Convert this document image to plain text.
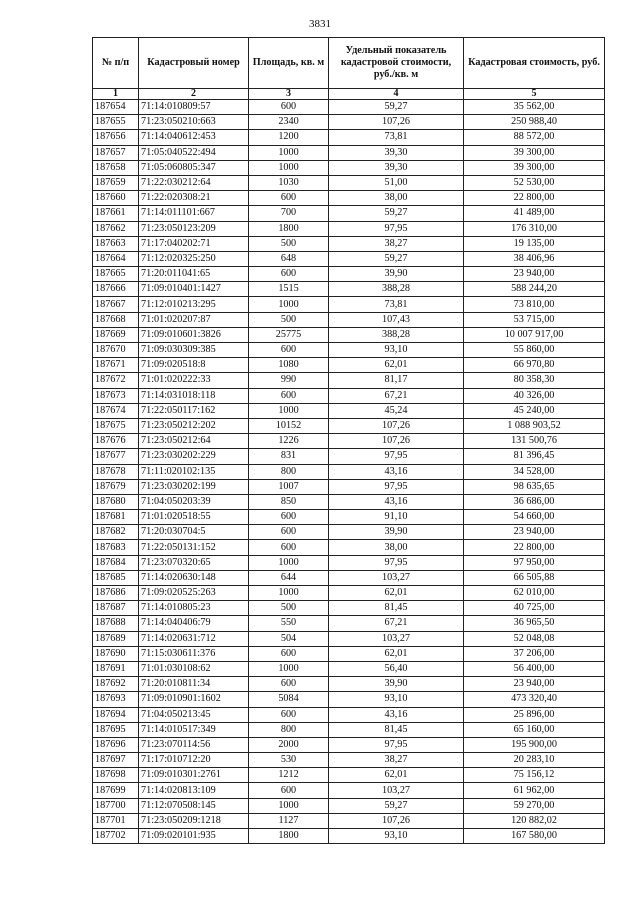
3831
№ п/п	Кадастровый номер	Площадь, кв. м	Удельный показатель кадастровой стоимости, руб./кв. м	Кадастровая стоимость, руб.
1	2	3	4	5
187654	71:14:010809:57	600	59,27	35 562,00
187655	71:23:050210:663	2340	107,26	250 988,40
187656	71:14:040612:453	1200	73,81	88 572,00
187657	71:05:040522:494	1000	39,30	39 300,00
187658	71:05:060805:347	1000	39,30	39 300,00
187659	71:22:030212:64	1030	51,00	52 530,00
187660	71:22:020308:21	600	38,00	22 800,00
187661	71:14:011101:667	700	59,27	41 489,00
187662	71:23:050123:209	1800	97,95	176 310,00
187663	71:17:040202:71	500	38,27	19 135,00
187664	71:12:020325:250	648	59,27	38 406,96
187665	71:20:011041:65	600	39,90	23 940,00
187666	71:09:010401:1427	1515	388,28	588 244,20
187667	71:12:010213:295	1000	73,81	73 810,00
187668	71:01:020207:87	500	107,43	53 715,00
187669	71:09:010601:3826	25775	388,28	10 007 917,00
187670	71:09:030309:385	600	93,10	55 860,00
187671	71:09:020518:8	1080	62,01	66 970,80
187672	71:01:020222:33	990	81,17	80 358,30
187673	71:14:031018:118	600	67,21	40 326,00
187674	71:22:050117:162	1000	45,24	45 240,00
187675	71:23:050212:202	10152	107,26	1 088 903,52
187676	71:23:050212:64	1226	107,26	131 500,76
187677	71:23:030202:229	831	97,95	81 396,45
187678	71:11:020102:135	800	43,16	34 528,00
187679	71:23:030202:199	1007	97,95	98 635,65
187680	71:04:050203:39	850	43,16	36 686,00
187681	71:01:020518:55	600	91,10	54 660,00
187682	71:20:030704:5	600	39,90	23 940,00
187683	71:22:050131:152	600	38,00	22 800,00
187684	71:23:070320:65	1000	97,95	97 950,00
187685	71:14:020630:148	644	103,27	66 505,88
187686	71:09:020525:263	1000	62,01	62 010,00
187687	71:14:010805:23	500	81,45	40 725,00
187688	71:14:040406:79	550	67,21	36 965,50
187689	71:14:020631:712	504	103,27	52 048,08
187690	71:15:030611:376	600	62,01	37 206,00
187691	71:01:030108:62	1000	56,40	56 400,00
187692	71:20:010811:34	600	39,90	23 940,00
187693	71:09:010901:1602	5084	93,10	473 320,40
187694	71:04:050213:45	600	43,16	25 896,00
187695	71:14:010517:349	800	81,45	65 160,00
187696	71:23:070114:56	2000	97,95	195 900,00
187697	71:17:010712:20	530	38,27	20 283,10
187698	71:09:010301:2761	1212	62,01	75 156,12
187699	71:14:020813:109	600	103,27	61 962,00
187700	71:12:070508:145	1000	59,27	59 270,00
187701	71:23:050209:1218	1127	107,26	120 882,02
187702	71:09:020101:935	1800	93,10	167 580,00
